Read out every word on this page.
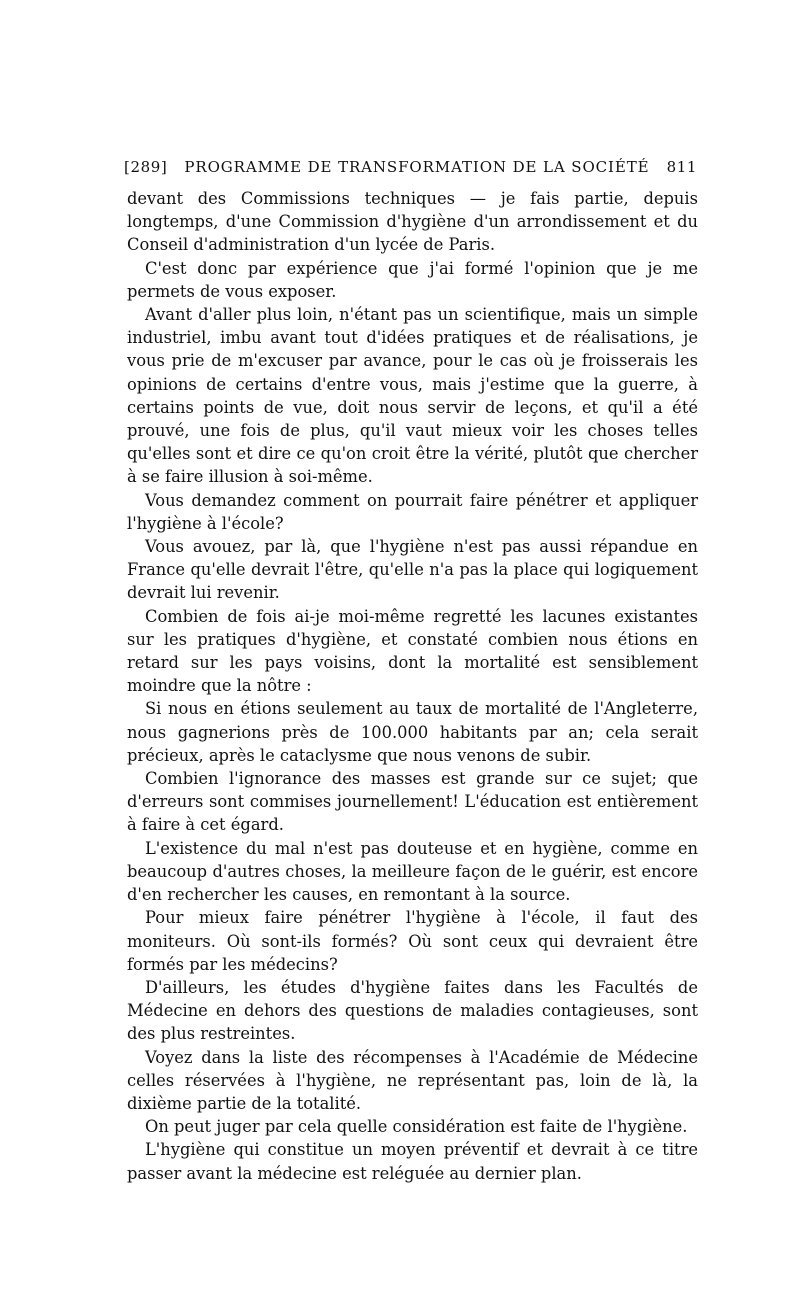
[289] PROGRAMME DE TRANSFORMATION DE LA SOCIÉTÉ 811

devant des Commissions techniques — je fais partie, depuis longtemps, d'une Commission d'hygiène d'un arrondissement et du Conseil d'administration d'un lycée de Paris.

C'est donc par expérience que j'ai formé l'opinion que je me permets de vous exposer.

Avant d'aller plus loin, n'étant pas un scientifique, mais un simple industriel, imbu avant tout d'idées pratiques et de réalisations, je vous prie de m'excuser par avance, pour le cas où je froisserais les opinions de certains d'entre vous, mais j'estime que la guerre, à certains points de vue, doit nous servir de leçons, et qu'il a été prouvé, une fois de plus, qu'il vaut mieux voir les choses telles qu'elles sont et dire ce qu'on croit être la vérité, plutôt que chercher à se faire illusion à soi-même.

Vous demandez comment on pourrait faire pénétrer et appliquer l'hygiène à l'école?

Vous avouez, par là, que l'hygiène n'est pas aussi répandue en France qu'elle devrait l'être, qu'elle n'a pas la place qui logiquement devrait lui revenir.

Combien de fois ai-je moi-même regretté les lacunes existantes sur les pratiques d'hygiène, et constaté combien nous étions en retard sur les pays voisins, dont la mortalité est sensiblement moindre que la nôtre :

Si nous en étions seulement au taux de mortalité de l'Angleterre, nous gagnerions près de 100.000 habitants par an; cela serait précieux, après le cataclysme que nous venons de subir.

Combien l'ignorance des masses est grande sur ce sujet; que d'erreurs sont commises journellement! L'éducation est entièrement à faire à cet égard.

L'existence du mal n'est pas douteuse et en hygiène, comme en beaucoup d'autres choses, la meilleure façon de le guérir, est encore d'en rechercher les causes, en remontant à la source.

Pour mieux faire pénétrer l'hygiène à l'école, il faut des moniteurs. Où sont-ils formés? Où sont ceux qui devraient être formés par les médecins?

D'ailleurs, les études d'hygiène faites dans les Facultés de Médecine en dehors des questions de maladies contagieuses, sont des plus restreintes.

Voyez dans la liste des récompenses à l'Académie de Médecine celles réservées à l'hygiène, ne représentant pas, loin de là, la dixième partie de la totalité.

On peut juger par cela quelle considération est faite de l'hygiène.

L'hygiène qui constitue un moyen préventif et devrait à ce titre passer avant la médecine est reléguée au dernier plan.
